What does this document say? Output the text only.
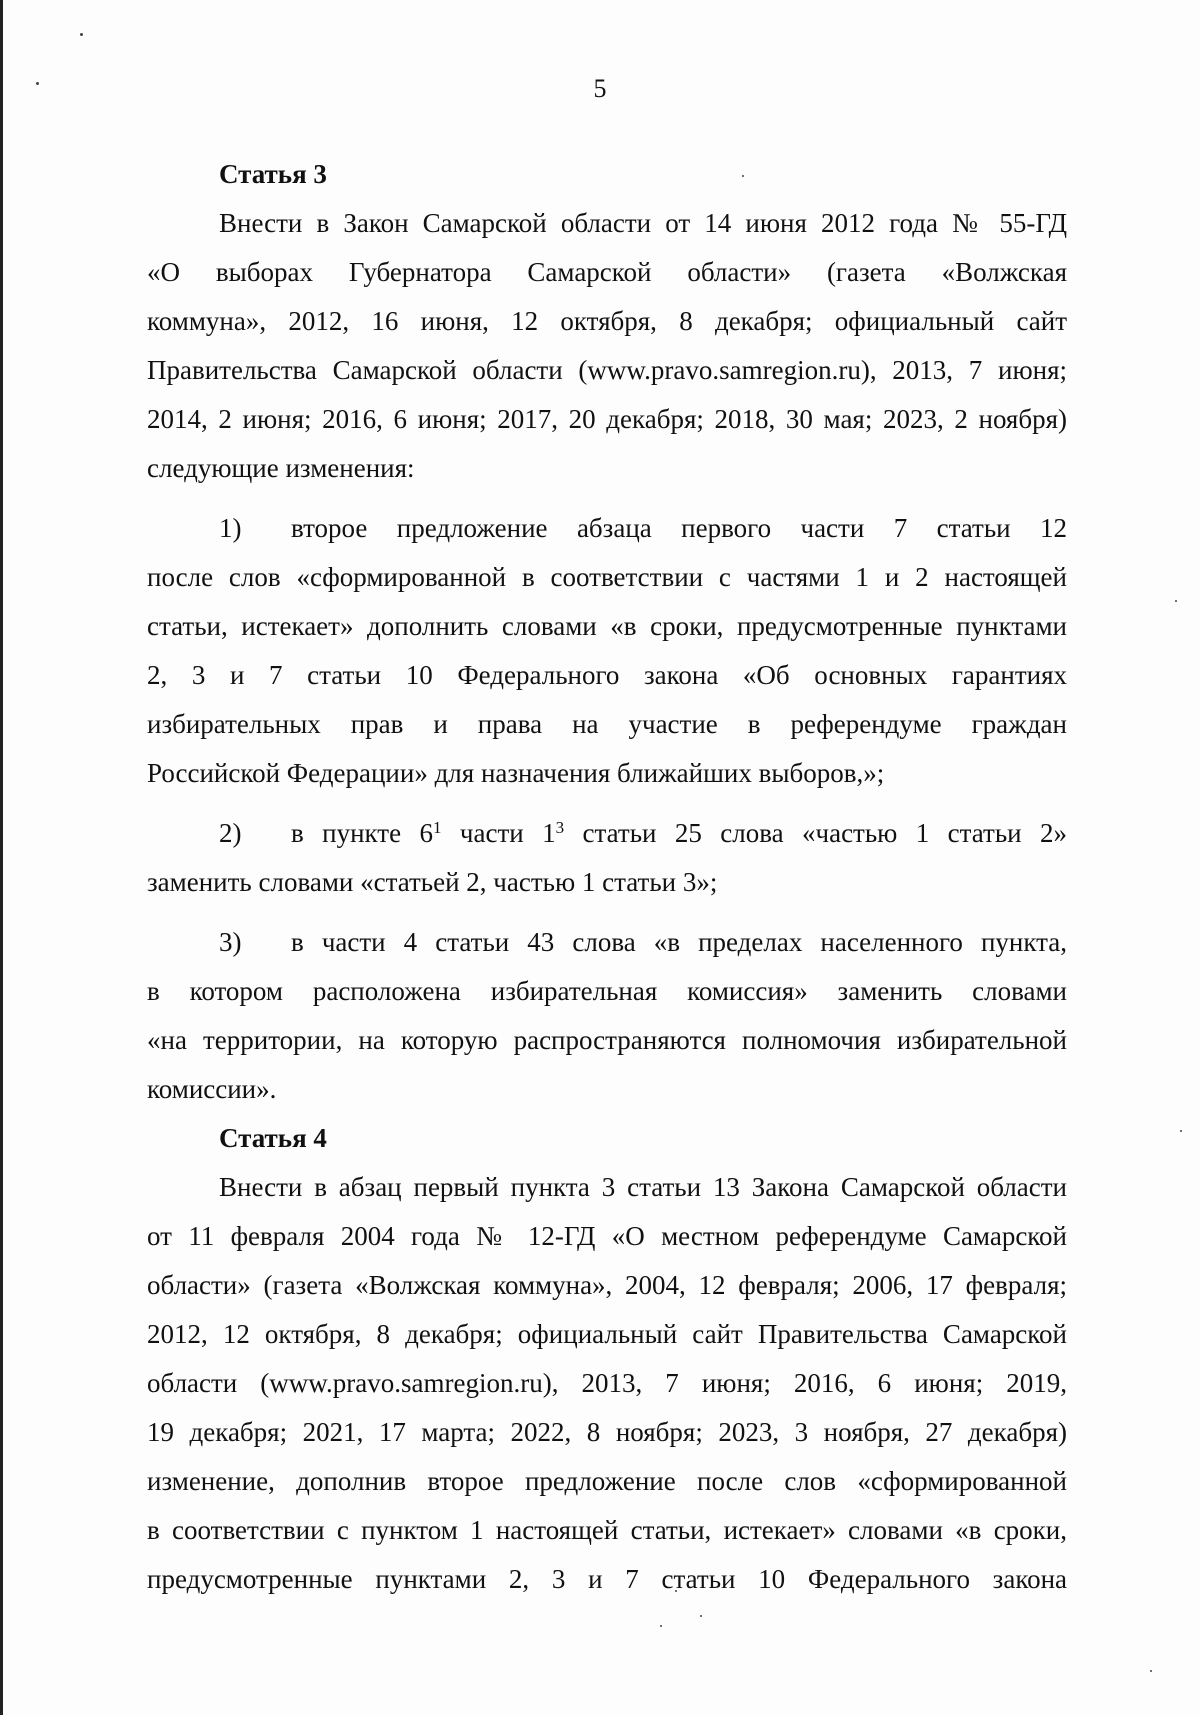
5
Статья 3
Внести в Закон Самарской области от 14 июня 2012 года № 55-ГД
«О выборах Губернатора Самарской области» (газета «Волжская
коммуна», 2012, 16 июня, 12 октября, 8 декабря; официальный сайт
Правительства Самарской области (www.pravo.samregion.ru), 2013, 7 июня;
2014, 2 июня; 2016, 6 июня; 2017, 20 декабря; 2018, 30 мая; 2023, 2 ноября)
следующие изменения:
1) второе предложение абзаца первого части 7 статьи 12
после слов «сформированной в соответствии с частями 1 и 2 настоящей
статьи, истекает» дополнить словами «в сроки, предусмотренные пунктами
2, 3 и 7 статьи 10 Федерального закона «Об основных гарантиях
избирательных прав и права на участие в референдуме граждан
Российской Федерации» для назначения ближайших выборов,»;
2) в пункте $6^1$ части $1^3$ статьи 25 слова «частью 1 статьи 2»
заменить словами «статьей 2, частью 1 статьи 3»;
3) в части 4 статьи 43 слова «в пределах населенного пункта,
в котором расположена избирательная комиссия» заменить словами
«на территории, на которую распространяются полномочия избирательной
комиссии».
Статья 4
Внести в абзац первый пункта 3 статьи 13 Закона Самарской области
от 11 февраля 2004 года № 12-ГД «О местном референдуме Самарской
области» (газета «Волжская коммуна», 2004, 12 февраля; 2006, 17 февраля;
2012, 12 октября, 8 декабря; официальный сайт Правительства Самарской
области (www.pravo.samregion.ru), 2013, 7 июня; 2016, 6 июня; 2019,
19 декабря; 2021, 17 марта; 2022, 8 ноября; 2023, 3 ноября, 27 декабря)
изменение, дополнив второе предложение после слов «сформированной
в соответствии с пунктом 1 настоящей статьи, истекает» словами «в сроки,
предусмотренные пунктами 2, 3 и 7 статьи 10 Федерального закона
